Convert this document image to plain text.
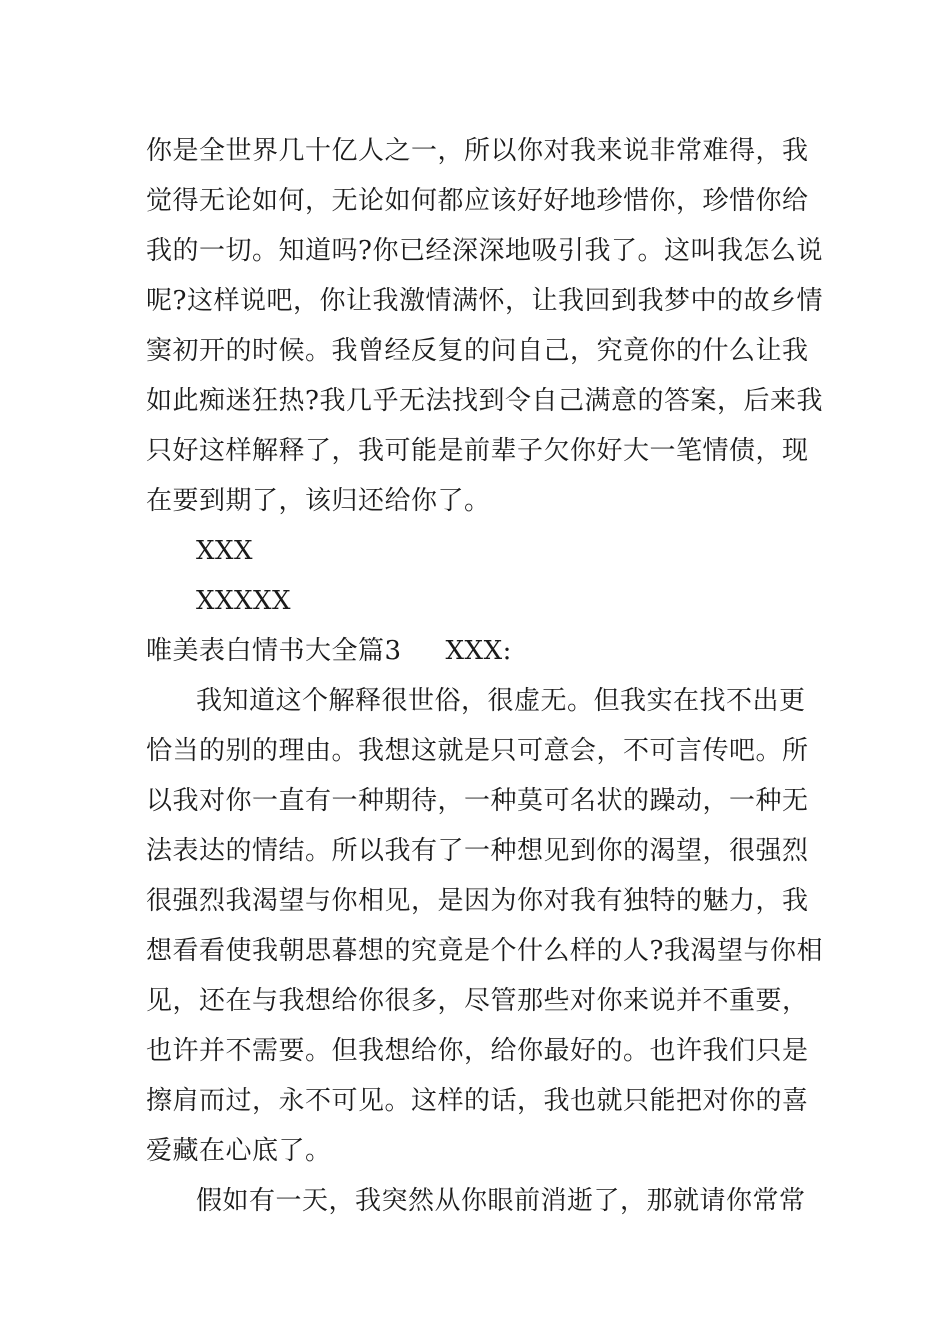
你是全世界几十亿人之一，所以你对我来说非常难得，我
觉得无论如何，无论如何都应该好好地珍惜你，珍惜你给
我的一切。知道吗?你已经深深地吸引我了。这叫我怎么说
呢?这样说吧，你让我激情满怀，让我回到我梦中的故乡情
窦初开的时候。我曾经反复的问自己，究竟你的什么让我
如此痴迷狂热?我几乎无法找到令自己满意的答案，后来我
只好这样解释了，我可能是前辈子欠你好大一笔情债，现
在要到期了，该归还给你了。
XXX
XXXXX
唯美表白情书大全篇3 XXX:
我知道这个解释很世俗，很虚无。但我实在找不出更
恰当的别的理由。我想这就是只可意会，不可言传吧。所
以我对你一直有一种期待，一种莫可名状的躁动，一种无
法表达的情结。所以我有了一种想见到你的渴望，很强烈
很强烈我渴望与你相见，是因为你对我有独特的魅力，我
想看看使我朝思暮想的究竟是个什么样的人?我渴望与你相
见，还在与我想给你很多，尽管那些对你来说并不重要，
也许并不需要。但我想给你，给你最好的。也许我们只是
擦肩而过，永不可见。这样的话，我也就只能把对你的喜
爱藏在心底了。
假如有一天，我突然从你眼前消逝了，那就请你常常
